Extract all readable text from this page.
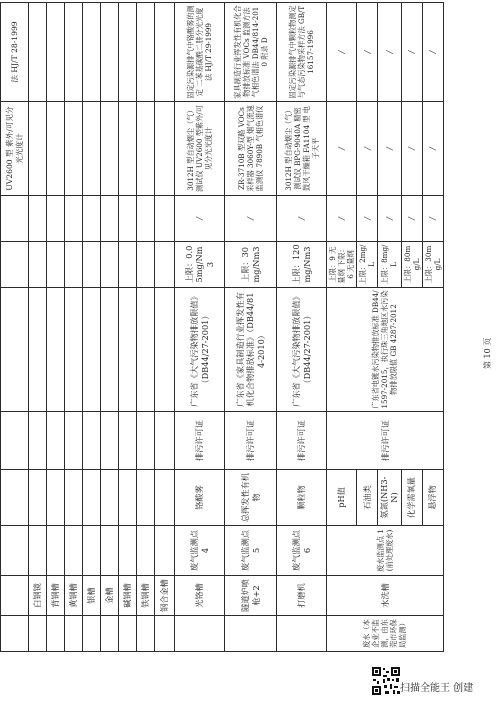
								UV2600 型 紫外/可见分光光度计	法 HJ/T 28-1999
	白钢镜								
	背钢槽								
	黄钢槽								
	银槽								
	金槽								
	碱钢槽								
	铁钢槽								
	钢合金槽								
	光铬槽	废气监测点 4	铬酸雾	排污许可证	广东省《大气污染物排放限值》（DB44/27-2001）	上限：0.05mg/Nm3	/	3012H 型自动烟尘（气）测试仪 UV2600 型紫外/可见分光光度计	固定污染源排气中铬酸雾的测定 二苯基碳酰二肼分光光度法 HJ/T 29-1999
	隧道炉喷枪+2	废气监测点 5	总挥发性有机物	排污许可证	广东省《家具制造行业挥发性有机化合物排放标准》（DB44/814-2010）	上限：30mg/Nm3	/	ZR-3710B 型双路 VOCs 采样器 3060Y-型 烟气流速监测仪 7890B 气相色谱仪	家具制造行业挥发性有机化合物排放标准 VOCs 监测方法 气相色谱法 DB44/814-2010 附录 D
	打磨机	废气监测点 6	颗粒物	排污许可证	广东省《大气污染物排放限值》（DB44/27-2001）	上限：120mg/Nm3	/	3012H 型自动烟尘（气）测试仪 BPG-9040A 精密鼓风干燥箱 FA1104 型 电子天平	固定污染源排气中颗粒物测定与气态污染物采样方法 GB/T 16157-1996
废水（本企业不监测，由东莞市环保局监测）	水洗槽	废水监测点 1(前处理废水)	pH值	排污许可证	广东省电镀水污染物排放标准 DB44/1597-2015，执行珠三角地区水污染物排放限值 GB 4287-2012	上限：9 无量纲 下限：6 无量纲	/	/	/
			石油类			上限：2mg/L	/	/	/
			氨氮(NH3-N)			上限：8mg/L	/	/	/
			化学需氧量			上限：80mg/L	/	/	/
			悬浮物			上限：30mg/L	/	/	/
第 10 页
扫描全能王 创建
